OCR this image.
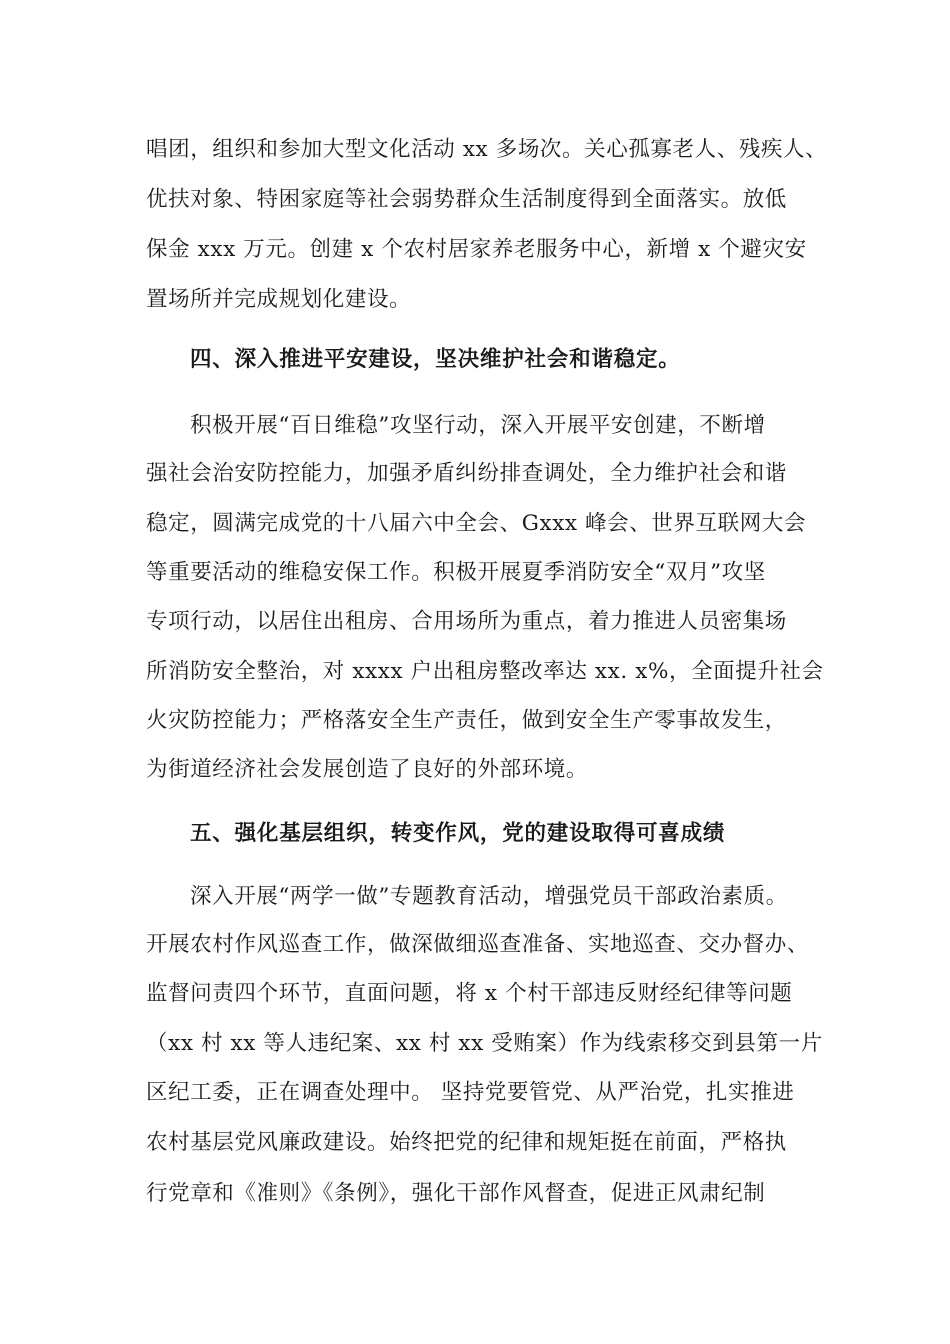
唱团，组织和参加大型文化活动 xx 多场次。关心孤寡老人、残疾人、
优扶对象、特困家庭等社会弱势群众生活制度得到全面落实。放低
保金 xxx 万元。创建 x 个农村居家养老服务中心，新增 x 个避灾安
置场所并完成规划化建设。
四、深入推进平安建设，坚决维护社会和谐稳定。
积极开展“百日维稳”攻坚行动，深入开展平安创建，不断增
强社会治安防控能力，加强矛盾纠纷排查调处，全力维护社会和谐
稳定，圆满完成党的十八届六中全会、Gxxx 峰会、世界互联网大会
等重要活动的维稳安保工作。积极开展夏季消防安全“双月”攻坚
专项行动，以居住出租房、合用场所为重点，着力推进人员密集场
所消防安全整治，对 xxxx 户出租房整改率达 xx. x%，全面提升社会
火灾防控能力；严格落安全生产责任，做到安全生产零事故发生，
为街道经济社会发展创造了良好的外部环境。
五、强化基层组织，转变作风，党的建设取得可喜成绩
深入开展“两学一做”专题教育活动，增强党员干部政治素质。
开展农村作风巡查工作，做深做细巡查准备、实地巡查、交办督办、
监督问责四个环节，直面问题，将 x 个村干部违反财经纪律等问题
（xx 村 xx 等人违纪案、xx 村 xx 受贿案）作为线索移交到县第一片
区纪工委，正在调查处理中。 坚持党要管党、从严治党，扎实推进
农村基层党风廉政建设。始终把党的纪律和规矩挺在前面，严格执
行党章和《准则》《条例》，强化干部作风督查，促进正风肃纪制
